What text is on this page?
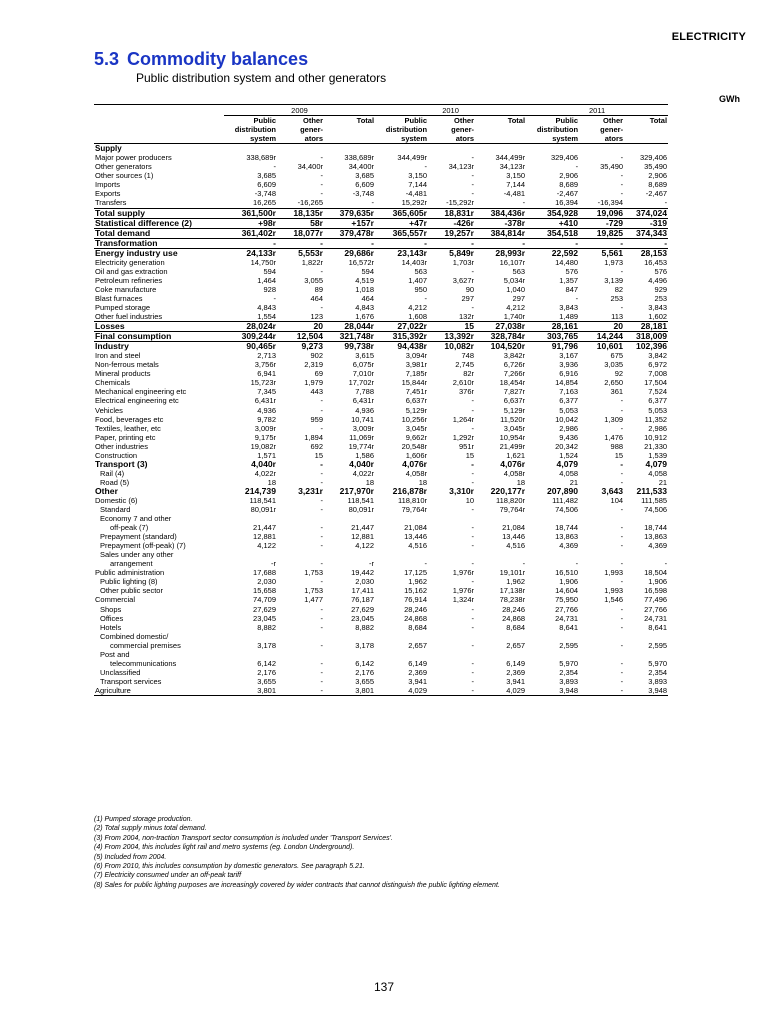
ELECTRICITY
5.3 Commodity balances
Public distribution system and other generators
GWh
	2009			2010			2011		
	Public	Other	Total	Public	Other	Total	Public	Other	Total
	distribution	gener-		distribution	gener-		distribution	gener-	
	system	ators		system	ators		system	ators	
Supply									
Major power producers	338,689r	-	338,689r	344,499r	-	344,499r	329,406	-	329,406
Other generators	-	34,400r	34,400r	-	34,123r	34,123r	-	35,490	35,490
Other sources (1)	3,685	-	3,685	3,150	-	3,150	2,906	-	2,906
Imports	6,609	-	6,609	7,144	-	7,144	8,689	-	8,689
Exports	-3,748	-	-3,748	-4,481	-	-4,481	-2,467	-	-2,467
Transfers	16,265	-16,265	-	15,292r	-15,292r	-	16,394	-16,394	-
Total supply	361,500r	18,135r	379,635r	365,605r	18,831r	384,436r	354,928	19,096	374,024
Statistical difference (2)	+98r	58r	+157r	+47r	-426r	-378r	+410	-729	-319
Total demand	361,402r	18,077r	379,478r	365,557r	19,257r	384,814r	354,518	19,825	374,343
Transformation	-	-	-	-	-	-	-	-	-
Energy industry use	24,133r	5,553r	29,686r	23,143r	5,849r	28,993r	22,592	5,561	28,153
Electricity generation	14,750r	1,822r	16,572r	14,403r	1,703r	16,107r	14,480	1,973	16,453
Oil and gas extraction	594	-	594	563	-	563	576	-	576
Petroleum refineries	1,464	3,055	4,519	1,407	3,627r	5,034r	1,357	3,139	4,496
Coke manufacture	928	89	1,018	950	90	1,040	847	82	929
Blast furnaces	-	464	464	-	297	297	-	253	253
Pumped storage	4,843	-	4,843	4,212	-	4,212	3,843	-	3,843
Other fuel industries	1,554	123	1,676	1,608	132r	1,740r	1,489	113	1,602
Losses	28,024r	20	28,044r	27,022r	15	27,038r	28,161	20	28,181
Final consumption	309,244r	12,504	321,748r	315,392r	13,392r	328,784r	303,765	14,244	318,009
Industry	90,465r	9,273	99,738r	94,438r	10,082r	104,520r	91,796	10,601	102,396
Iron and steel	2,713	902	3,615	3,094r	748	3,842r	3,167	675	3,842
Non-ferrous metals	3,756r	2,319	6,075r	3,981r	2,745	6,726r	3,936	3,035	6,972
Mineral products	6,941	69	7,010r	7,185r	82r	7,266r	6,916	92	7,008
Chemicals	15,723r	1,979	17,702r	15,844r	2,610r	18,454r	14,854	2,650	17,504
Mechanical engineering etc	7,345	443	7,788	7,451r	376r	7,827r	7,163	361	7,524
Electrical engineering etc	6,431r	-	6,431r	6,637r	-	6,637r	6,377	-	6,377
Vehicles	4,936	-	4,936	5,129r	-	5,129r	5,053	-	5,053
Food, beverages etc	9,782	959	10,741	10,256r	1,264r	11,520r	10,042	1,309	11,352
Textiles, leather, etc	3,009r	-	3,009r	3,045r	-	3,045r	2,986	-	2,986
Paper, printing etc	9,175r	1,894	11,069r	9,662r	1,292r	10,954r	9,436	1,476	10,912
Other industries	19,082r	692	19,774r	20,548r	951r	21,499r	20,342	988	21,330
Construction	1,571	15	1,586	1,606r	15	1,621	1,524	15	1,539
Transport (3)	4,040r	-	4,040r	4,076r	-	4,076r	4,079	-	4,079
Rail (4)	4,022r	-	4,022r	4,058r	-	4,058r	4,058	-	4,058
Road (5)	18	-	18	18	-	18	21	-	21
Other	214,739	3,231r	217,970r	216,878r	3,310r	220,177r	207,890	3,643	211,533
Domestic (6)	118,541	-	118,541	118,810r	10	118,820r	111,482	104	111,585
Standard	80,091r	-	80,091r	79,764r	-	79,764r	74,506	-	74,506
Economy 7 and other									
off-peak (7)	21,447	-	21,447	21,084	-	21,084	18,744	-	18,744
Prepayment (standard)	12,881	-	12,881	13,446	-	13,446	13,863	-	13,863
Prepayment (off-peak) (7)	4,122	-	4,122	4,516	-	4,516	4,369	-	4,369
Sales under any other									
arrangement	-r	-	-r	-	-	-	-	-	-
Public administration	17,688	1,753	19,442	17,125	1,976r	19,101r	16,510	1,993	18,504
Public lighting (8)	2,030	-	2,030	1,962	-	1,962	1,906	-	1,906
Other public sector	15,658	1,753	17,411	15,162	1,976r	17,138r	14,604	1,993	16,598
Commercial	74,709	1,477	76,187	76,914	1,324r	78,238r	75,950	1,546	77,496
Shops	27,629	-	27,629	28,246	-	28,246	27,766	-	27,766
Offices	23,045	-	23,045	24,868	-	24,868	24,731	-	24,731
Hotels	8,882	-	8,882	8,684	-	8,684	8,641	-	8,641
Combined domestic/									
commercial premises	3,178	-	3,178	2,657	-	2,657	2,595	-	2,595
Post and									
telecommunications	6,142	-	6,142	6,149	-	6,149	5,970	-	5,970
Unclassified	2,176	-	2,176	2,369	-	2,369	2,354	-	2,354
Transport services	3,655	-	3,655	3,941	-	3,941	3,893	-	3,893
Agriculture	3,801	-	3,801	4,029	-	4,029	3,948	-	3,948
(1) Pumped storage production.
(2) Total supply minus total demand.
(3) From 2004, non-traction Transport sector consumption is included under 'Transport Services'.
(4) From 2004, this includes light rail and metro systems (eg. London Underground).
(5) Included from 2004.
(6) From 2010, this includes consumption by domestic generators. See paragraph 5.21.
(7) Electricity consumed under an off-peak tariff
(8) Sales for public lighting purposes are increasingly covered by wider contracts that cannot distinguish the public lighting element.
137
